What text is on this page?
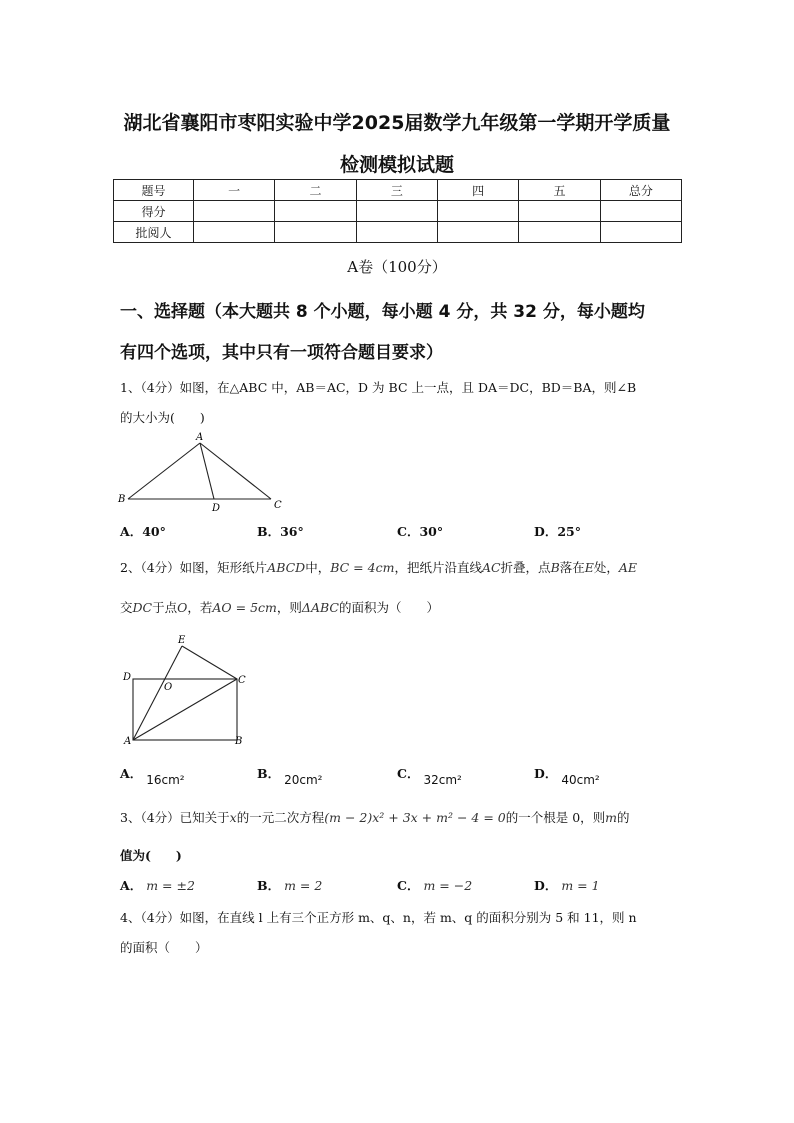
湖北省襄阳市枣阳实验中学2025届数学九年级第一学期开学质量
检测模拟试题
题号	一	二	三	四	五	总分
得分						
批阅人						
A卷（100分）
一、选择题（本大题共 8 个小题，每小题 4 分，共 32 分，每小题均
有四个选项，其中只有一项符合题目要求）
1、（4分）如图，在△ABC 中，AB＝AC，D 为 BC 上一点，且 DA＝DC，BD＝BA，则∠B
的大小为(　　)
A
B
C
D
A．40°	B．36°	C．30°	D．25°
2、（4分）如图，矩形纸片ABCD中，BC = 4cm，把纸片沿直线AC折叠，点B落在E处，AE
交DC于点O，若AO = 5cm，则ΔABC的面积为（　　）
E
D
O
C
A	B
A． 16cm²	B． 20cm²	C． 32cm²	D． 40cm²
3、（4分）已知关于x的一元二次方程(m − 2)x² + 3x + m² − 4 = 0的一个根是 0，则m的
值为(　　)
A． m = ±2	B． m = 2	C． m = −2	D． m = 1
4、（4分）如图，在直线 l 上有三个正方形 m、q、n，若 m、q 的面积分别为 5 和 11，则 n
的面积（　　）
